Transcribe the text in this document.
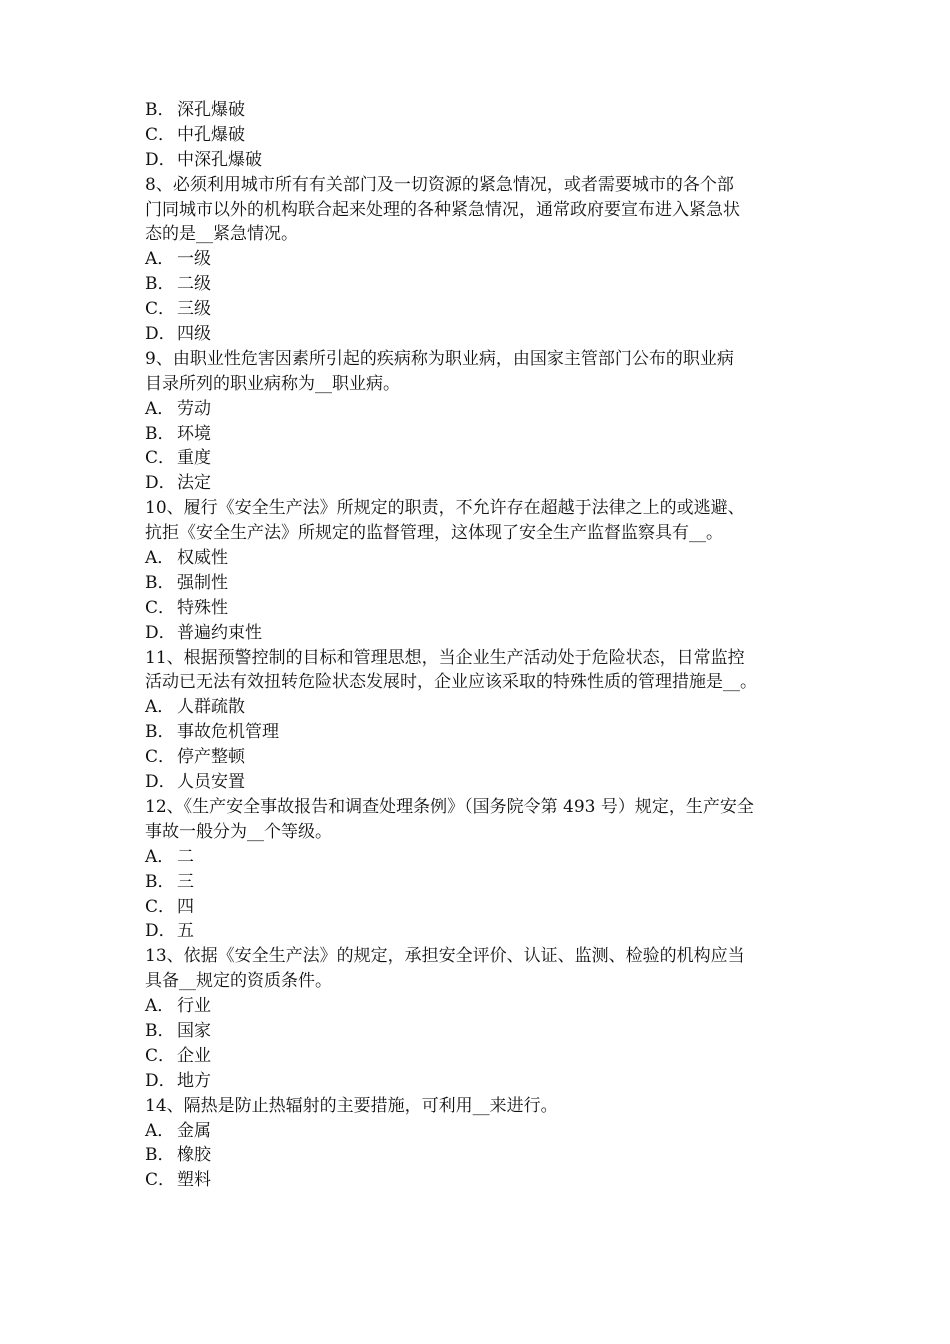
B． 深孔爆破
C． 中孔爆破
D．中深孔爆破
8、必须利用城市所有有关部门及一切资源的紧急情况，或者需要城市的各个部
门同城市以外的机构联合起来处理的各种紧急情况，通常政府要宣布进入紧急状
态的是__紧急情况。
A． 一级
B． 二级
C． 三级
D．四级
9、由职业性危害因素所引起的疾病称为职业病，由国家主管部门公布的职业病
目录所列的职业病称为__职业病。
A． 劳动
B． 环境
C． 重度
D．法定
10、履行《安全生产法》所规定的职责，不允许存在超越于法律之上的或逃避、
抗拒《安全生产法》所规定的监督管理，这体现了安全生产监督监察具有__。
A． 权威性
B． 强制性
C． 特殊性
D．普遍约束性
11、根据预警控制的目标和管理思想，当企业生产活动处于危险状态，日常监控
活动已无法有效扭转危险状态发展时，企业应该采取的特殊性质的管理措施是__。
A． 人群疏散
B． 事故危机管理
C． 停产整顿
D．人员安置
12、《生产安全事故报告和调查处理条例》（国务院令第 493 号）规定，生产安全
事故一般分为__个等级。
A． 二
B． 三
C． 四
D．五
13、依据《安全生产法》的规定，承担安全评价、认证、监测、检验的机构应当
具备__规定的资质条件。
A． 行业
B． 国家
C． 企业
D．地方
14、隔热是防止热辐射的主要措施，可利用__来进行。
A． 金属
B． 橡胶
C． 塑料
